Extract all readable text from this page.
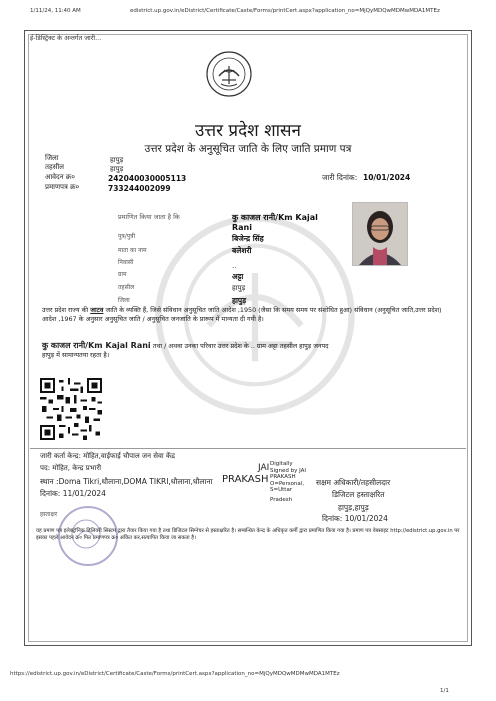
1/11/24, 11:40 AM	edistrict.up.gov.in/eDistrict/Certificate/Caste/Forms/printCert.aspx?application_no=MjQyMDQwMDMwMDA1MTEz
ई-डिस्ट्रिक्ट के अन्तर्गत जारी...
उत्तर प्रदेश शासन
उत्तर प्रदेश के अनुसूचित जाति के लिए जाति प्रमाण पत्र
जिला	हापुड़
तहसील	हापुड़
आवेदन क्र०	242040030005113
प्रमाणपत्र क्र०	733244002099
जारी दिनांक: 10/01/2024
प्रमाणित किया जाता है कि	कु काजल रानी/Km Kajal
Rani
पुत्र/पुत्री	बिजेन्द्र सिंह
माता का नाम	बलेशरी
निवासी	..
ग्राम	अट्टा
तहसील	हापुड़
जिला	हापुड़
उत्तर प्रदेश राज्य की जाटव जाति के व्यक्ति हैं, जिसे संविधान अनुसूचित जाति आदेश ,1950 (जैसा कि समय समय पर संशोधित हुआ) संविधान (अनुसूचित जाति,उत्तर प्रदेश) आदेश ,1967 के अनुसार अनुसूचित जाति / अनुसूचित जनजाति के प्रारूप में मान्यता दी गयी है।
कु काजल रानी/Km Kajal Rani तथा / अथवा उनका परिवार उत्तर प्रदेश के .. ग्राम अट्टा तहसील हापुड़ जनपद
हापुड़ में सामान्यतया रहता है।
जारी कर्ता केन्द्र: मोहित,वाईफाई चौपाल जन सेवा केंद्र
पद: मोहित, केन्द्र प्रभारी
स्थान :Doma Tikri,धौलाना,DOMA TIKRI,धौलाना,धौलाना
दिनांक: 11/01/2024
हस्ताक्षर
JAI
PRAKASH
Digitally
Signed by JAI
PRAKASH
O=Personal,
S=Uttar
Pradesh
सक्षम अधिकारी/तहसीलदार
डिजिटल हस्ताक्षरित
हापुड़,हापुड़
दिनांक: 10/01/2024
यह प्रमाण पत्र इलेक्ट्रॉनिक डिलिवरी सिस्टम द्वारा तैयार किया गया है तथा डिजिटल सिग्नेचर से हस्ताक्षरित है। सम्बन्धित केन्द्र के अधिकृत कर्मी द्वारा प्रमाणित किया गया है। प्रमाण पत्र वेबसाइट http://edistrict.up.gov.in पर इसका पहले आवेदन क्र० फिर प्रमाणपत्र क्र० अंकित कर,सत्यापित किया जा सकता है।
https://edistrict.up.gov.in/eDistrict/Certificate/Caste/Forms/printCert.aspx?application_no=MjQyMDQwMDMwMDA1MTEz
1/1
